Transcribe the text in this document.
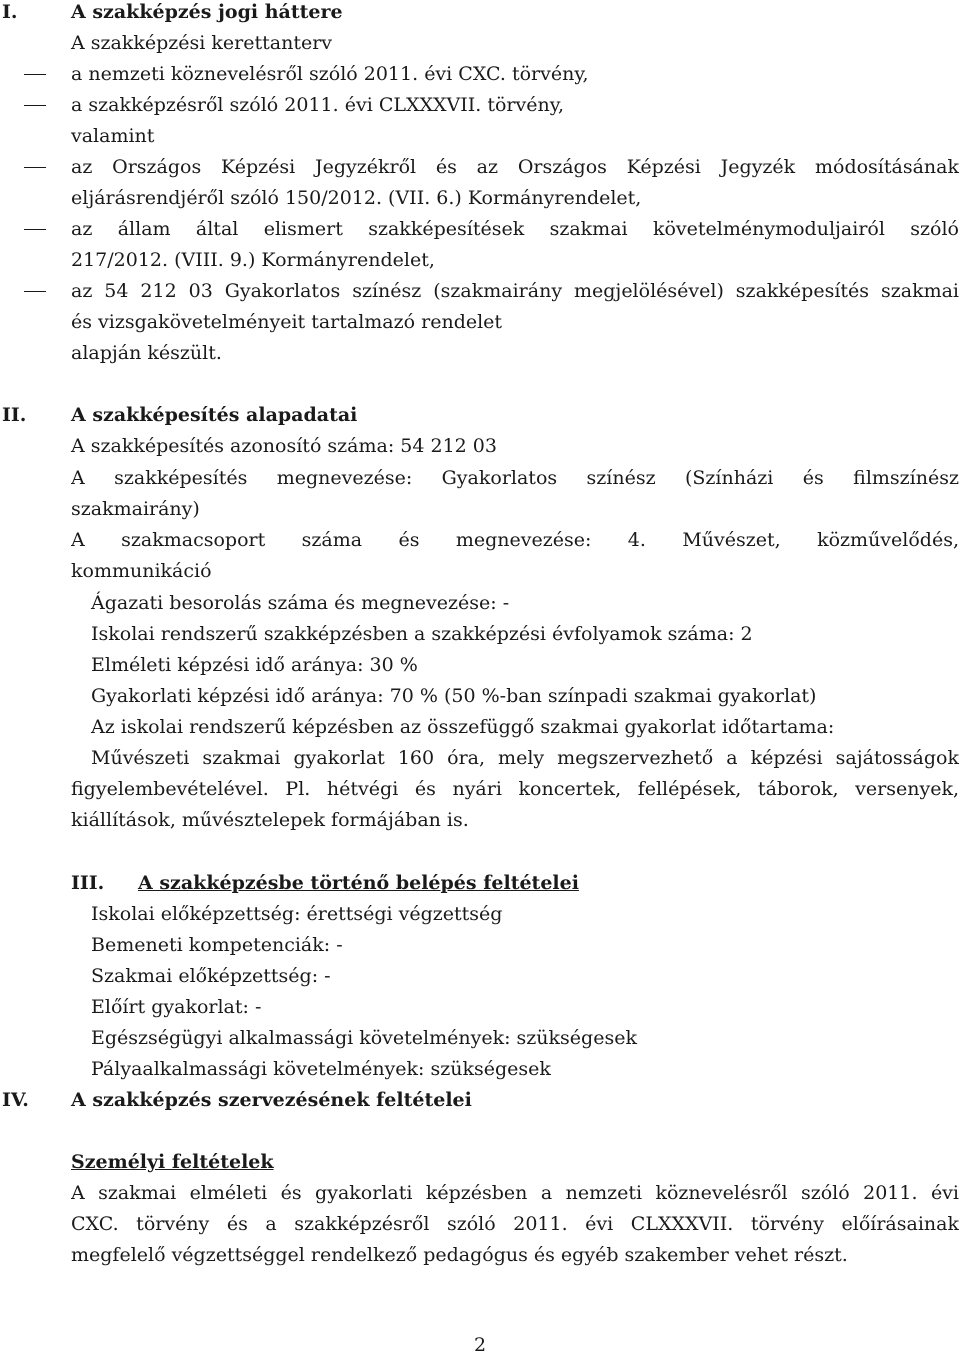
I.	A szakképzés jogi háttere
A szakképzési kerettanterv
a nemzeti köznevelésről szóló 2011. évi CXC. törvény,
a szakképzésről szóló 2011. évi CLXXXVII. törvény,
valamint
az Országos Képzési Jegyzékről és az Országos Képzési Jegyzék módosításának
eljárásrendjéről szóló 150/2012. (VII. 6.) Kormányrendelet,
az állam által elismert szakképesítések szakmai követelménymoduljairól szóló
217/2012. (VIII. 9.) Kormányrendelet,
az 54 212 03 Gyakorlatos színész (szakmairány megjelölésével) szakképesítés szakmai
és vizsgakövetelményeit tartalmazó rendelet
alapján készült.
II. A szakképesítés alapadatai
A szakképesítés azonosító száma: 54 212 03
A szakképesítés megnevezése: Gyakorlatos színész (Színházi és filmszínész
szakmairány)
A szakmacsoport száma és megnevezése: 4. Művészet, közművelődés,
kommunikáció
Ágazati besorolás száma és megnevezése: -
Iskolai rendszerű szakképzésben a szakképzési évfolyamok száma: 2
Elméleti képzési idő aránya: 30 %
Gyakorlati képzési idő aránya: 70 % (50 %-ban színpadi szakmai gyakorlat)
Az iskolai rendszerű képzésben az összefüggő szakmai gyakorlat időtartama:
Művészeti szakmai gyakorlat 160 óra, mely megszervezhető a képzési sajátosságok
figyelembevételével. Pl. hétvégi és nyári koncertek, fellépések, táborok, versenyek,
kiállítások, művésztelepek formájában is.
III.	A szakképzésbe történő belépés feltételei
Iskolai előképzettség: érettségi végzettség
Bemeneti kompetenciák: -
Szakmai előképzettség: -
Előírt gyakorlat: -
Egészségügyi alkalmassági követelmények: szükségesek
Pályaalkalmassági követelmények: szükségesek
IV. A szakképzés szervezésének feltételei
Személyi feltételek
A szakmai elméleti és gyakorlati képzésben a nemzeti köznevelésről szóló 2011. évi
CXC. törvény és a szakképzésről szóló 2011. évi CLXXXVII. törvény előírásainak
megfelelő végzettséggel rendelkező pedagógus és egyéb szakember vehet részt.
2
